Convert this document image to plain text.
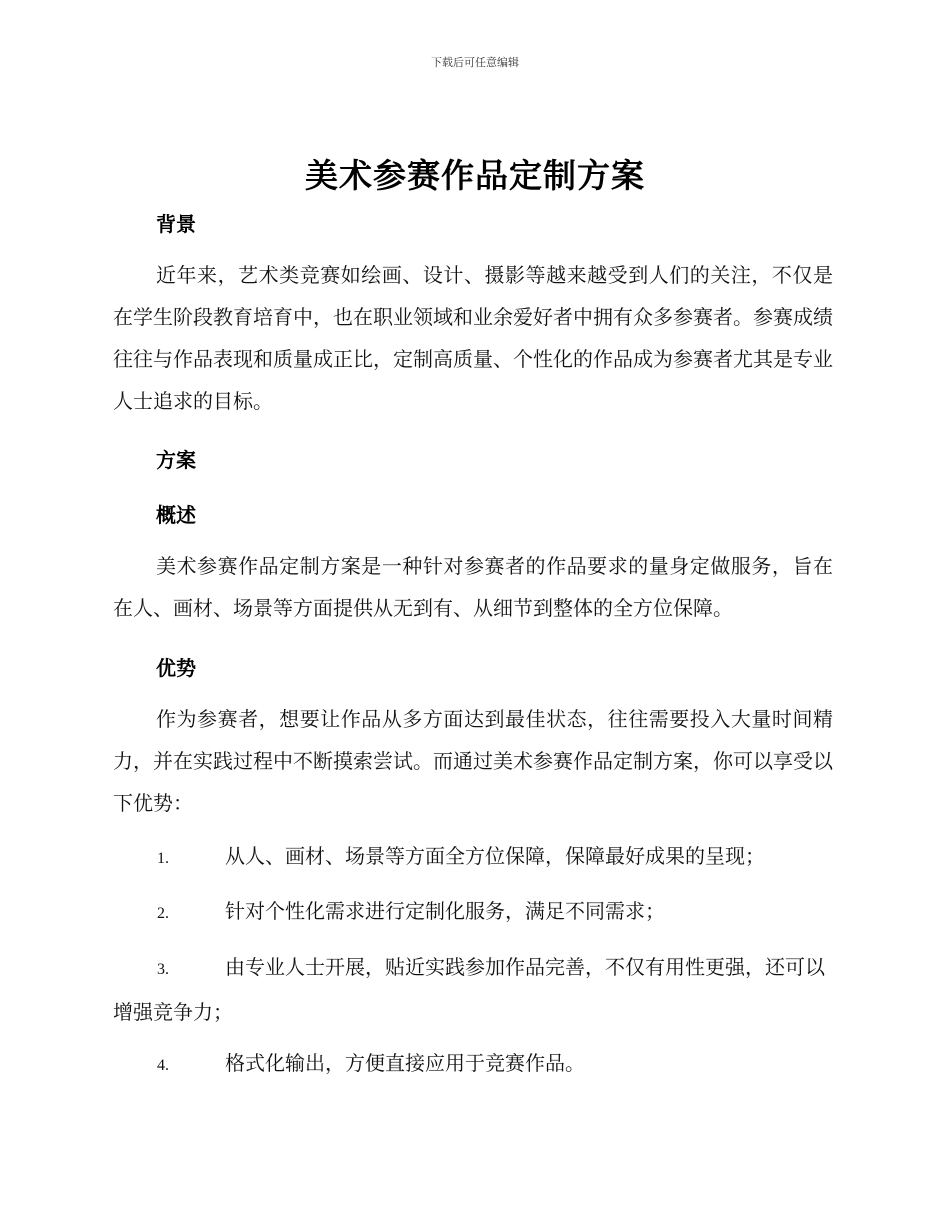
下载后可任意编辑
美术参赛作品定制方案
背景
近年来，艺术类竞赛如绘画、设计、摄影等越来越受到人们的关注，不仅是在学生阶段教育培育中，也在职业领域和业余爱好者中拥有众多参赛者。参赛成绩往往与作品表现和质量成正比，定制高质量、个性化的作品成为参赛者尤其是专业人士追求的目标。
方案
概述
美术参赛作品定制方案是一种针对参赛者的作品要求的量身定做服务，旨在在人、画材、场景等方面提供从无到有、从细节到整体的全方位保障。
优势
作为参赛者，想要让作品从多方面达到最佳状态，往往需要投入大量时间精力，并在实践过程中不断摸索尝试。而通过美术参赛作品定制方案，你可以享受以下优势：
1.	从人、画材、场景等方面全方位保障，保障最好成果的呈现；
2.	针对个性化需求进行定制化服务，满足不同需求；
3.	由专业人士开展，贴近实践参加作品完善，不仅有用性更强，还可以增强竞争力；
4.	格式化输出，方便直接应用于竞赛作品。
